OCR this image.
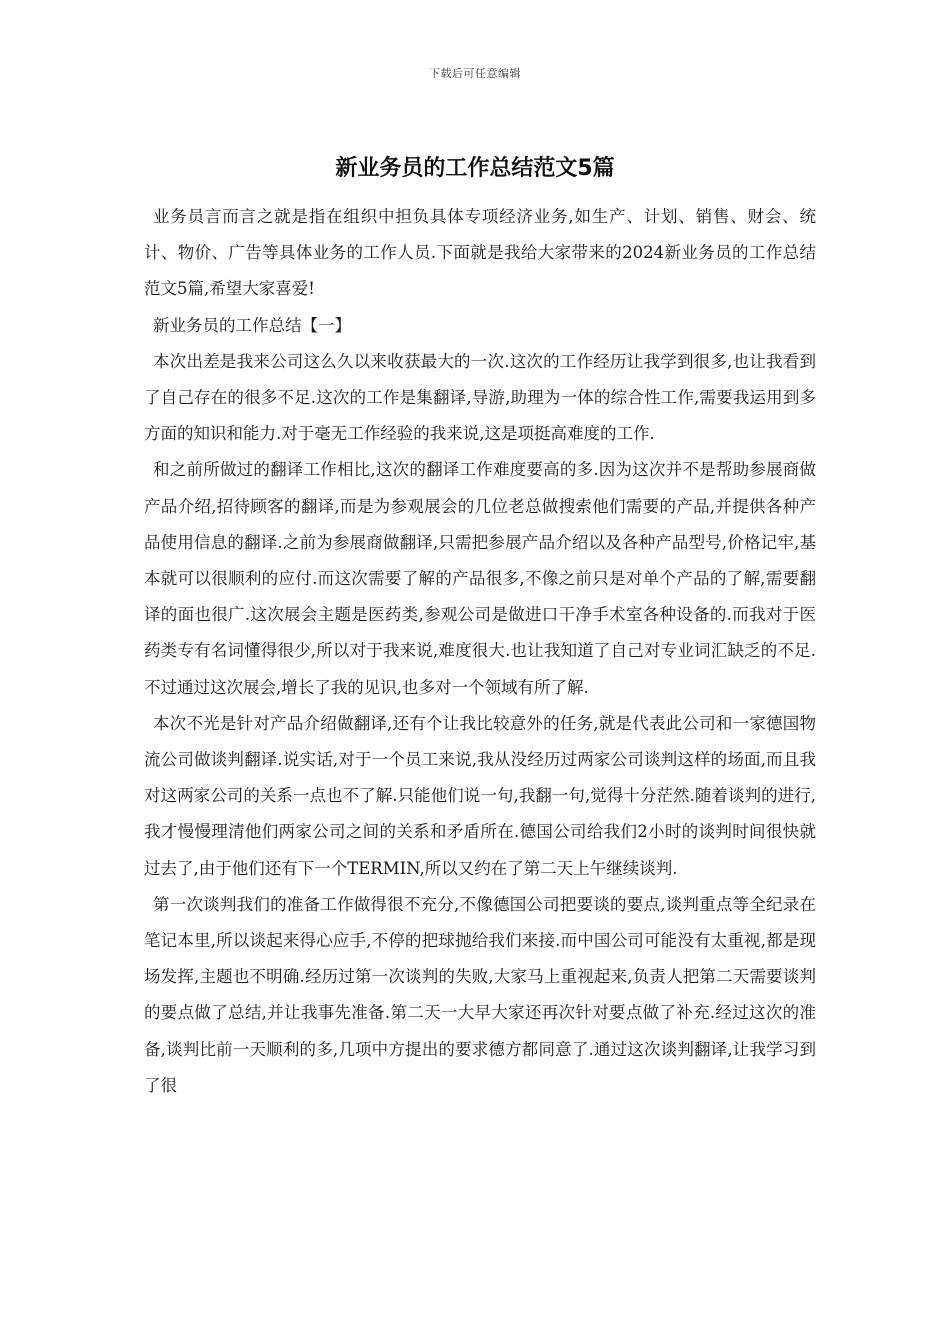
下载后可任意编辑
新业务员的工作总结范文5篇

业务员言而言之就是指在组织中担负具体专项经济业务,如生产、计划、销售、财会、统计、物价、广告等具体业务的工作人员.下面就是我给大家带来的2024新业务员的工作总结范文5篇,希望大家喜爱!

新业务员的工作总结【一】

本次出差是我来公司这么久以来收获最大的一次.这次的工作经历让我学到很多,也让我看到了自己存在的很多不足.这次的工作是集翻译,导游,助理为一体的综合性工作,需要我运用到多方面的知识和能力.对于毫无工作经验的我来说,这是项挺高难度的工作.

和之前所做过的翻译工作相比,这次的翻译工作难度要高的多.因为这次并不是帮助参展商做产品介绍,招待顾客的翻译,而是为参观展会的几位老总做搜索他们需要的产品,并提供各种产品使用信息的翻译.之前为参展商做翻译,只需把参展产品介绍以及各种产品型号,价格记牢,基本就可以很顺利的应付.而这次需要了解的产品很多,不像之前只是对单个产品的了解,需要翻译的面也很广.这次展会主题是医药类,参观公司是做进口干净手术室各种设备的.而我对于医药类专有名词懂得很少,所以对于我来说,难度很大.也让我知道了自己对专业词汇缺乏的不足.不过通过这次展会,增长了我的见识,也多对一个领域有所了解.

本次不光是针对产品介绍做翻译,还有个让我比较意外的任务,就是代表此公司和一家德国物流公司做谈判翻译.说实话,对于一个员工来说,我从没经历过两家公司谈判这样的场面,而且我对这两家公司的关系一点也不了解.只能他们说一句,我翻一句,觉得十分茫然.随着谈判的进行,我才慢慢理清他们两家公司之间的关系和矛盾所在.德国公司给我们2小时的谈判时间很快就过去了,由于他们还有下一个TERMIN,所以又约在了第二天上午继续谈判.

第一次谈判我们的准备工作做得很不充分,不像德国公司把要谈的要点,谈判重点等全纪录在笔记本里,所以谈起来得心应手,不停的把球抛给我们来接.而中国公司可能没有太重视,都是现场发挥,主题也不明确.经历过第一次谈判的失败,大家马上重视起来,负责人把第二天需要谈判的要点做了总结,并让我事先准备.第二天一大早大家还再次针对要点做了补充.经过这次的准备,谈判比前一天顺利的多,几项中方提出的要求德方都同意了.通过这次谈判翻译,让我学习到了很
